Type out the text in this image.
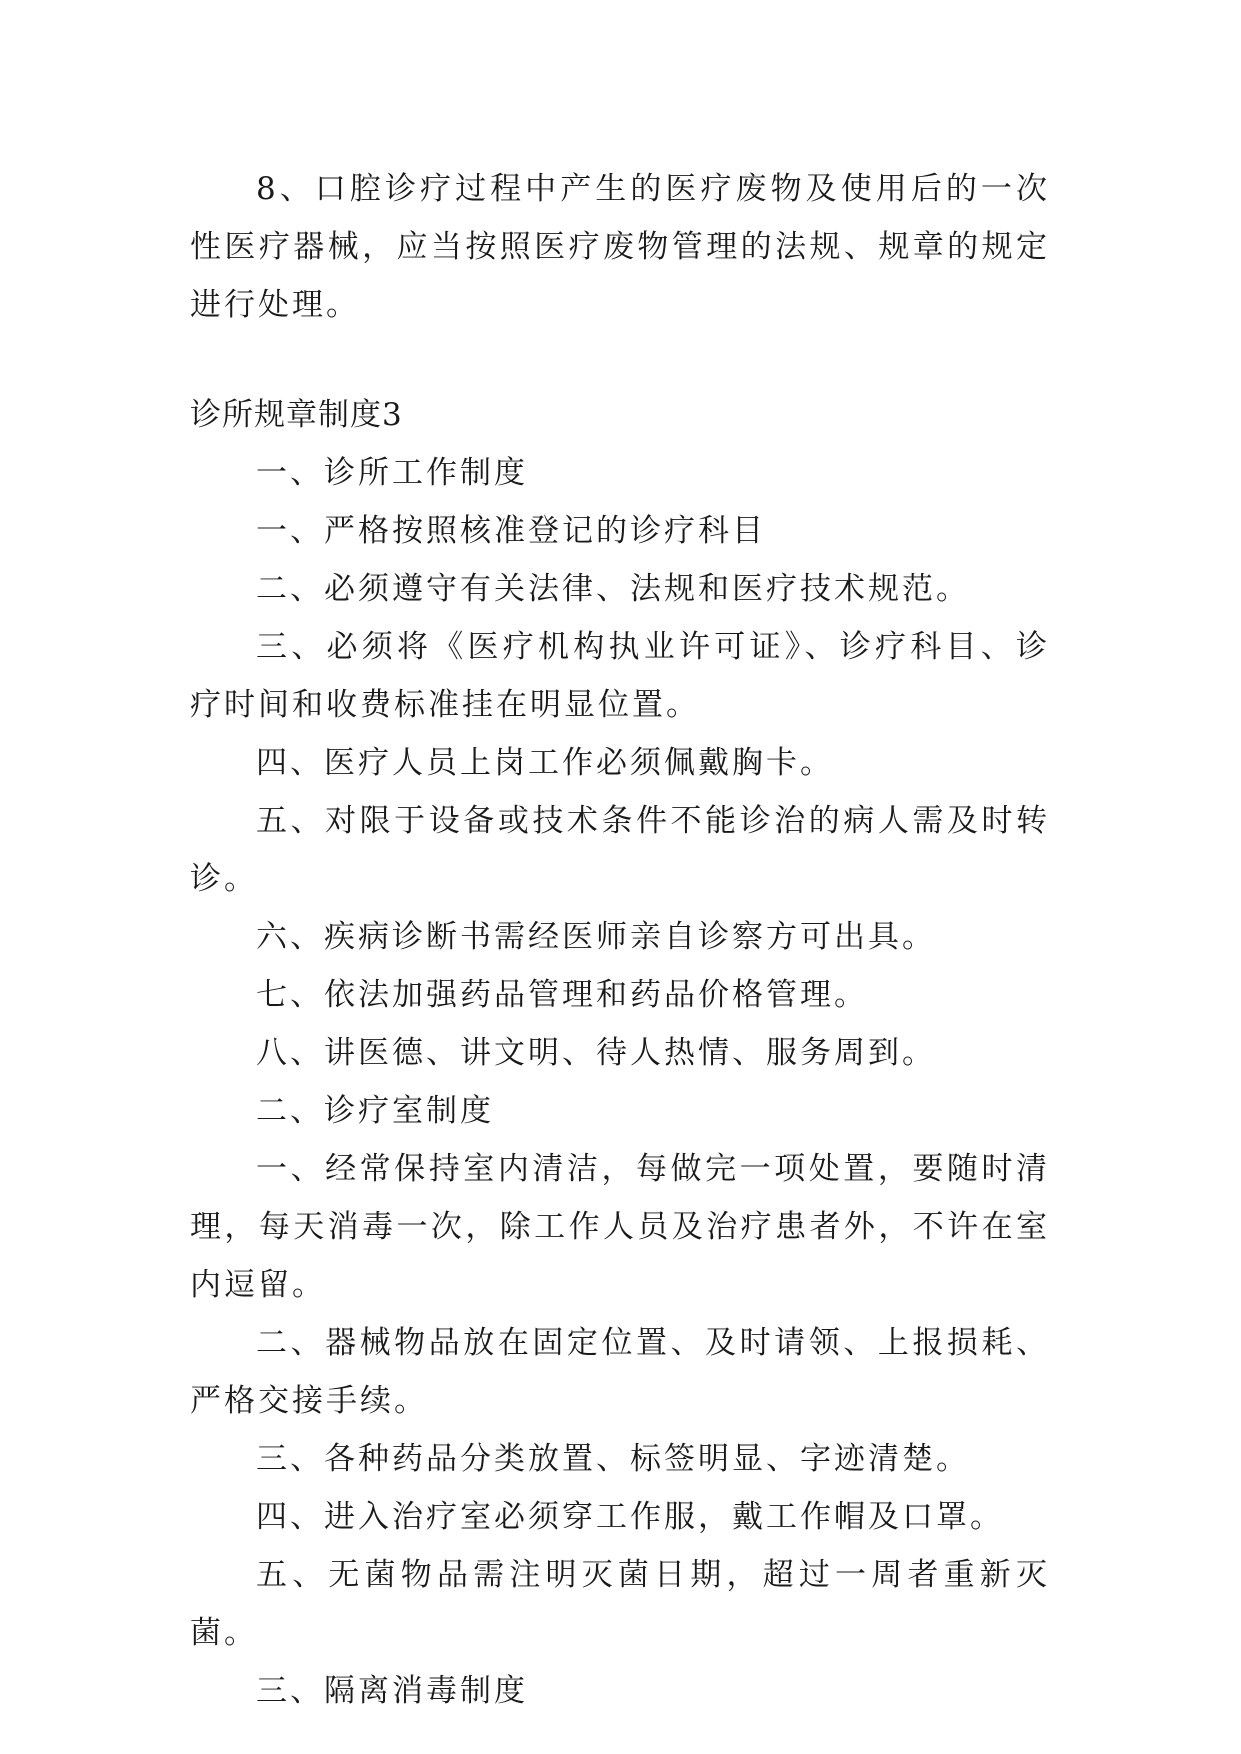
8、口腔诊疗过程中产生的医疗废物及使用后的一次性医疗器械，应当按照医疗废物管理的法规、规章的规定进行处理。

诊所规章制度3

一、诊所工作制度

一、严格按照核准登记的诊疗科目

二、必须遵守有关法律、法规和医疗技术规范。

三、必须将《医疗机构执业许可证》、诊疗科目、诊疗时间和收费标准挂在明显位置。

四、医疗人员上岗工作必须佩戴胸卡。

五、对限于设备或技术条件不能诊治的病人需及时转诊。

六、疾病诊断书需经医师亲自诊察方可出具。

七、依法加强药品管理和药品价格管理。

八、讲医德、讲文明、待人热情、服务周到。

二、诊疗室制度

一、经常保持室内清洁，每做完一项处置，要随时清理，每天消毒一次，除工作人员及治疗患者外，不许在室内逗留。

二、器械物品放在固定位置、及时请领、上报损耗、严格交接手续。

三、各种药品分类放置、标签明显、字迹清楚。

四、进入治疗室必须穿工作服，戴工作帽及口罩。

五、无菌物品需注明灭菌日期，超过一周者重新灭菌。

三、隔离消毒制度
